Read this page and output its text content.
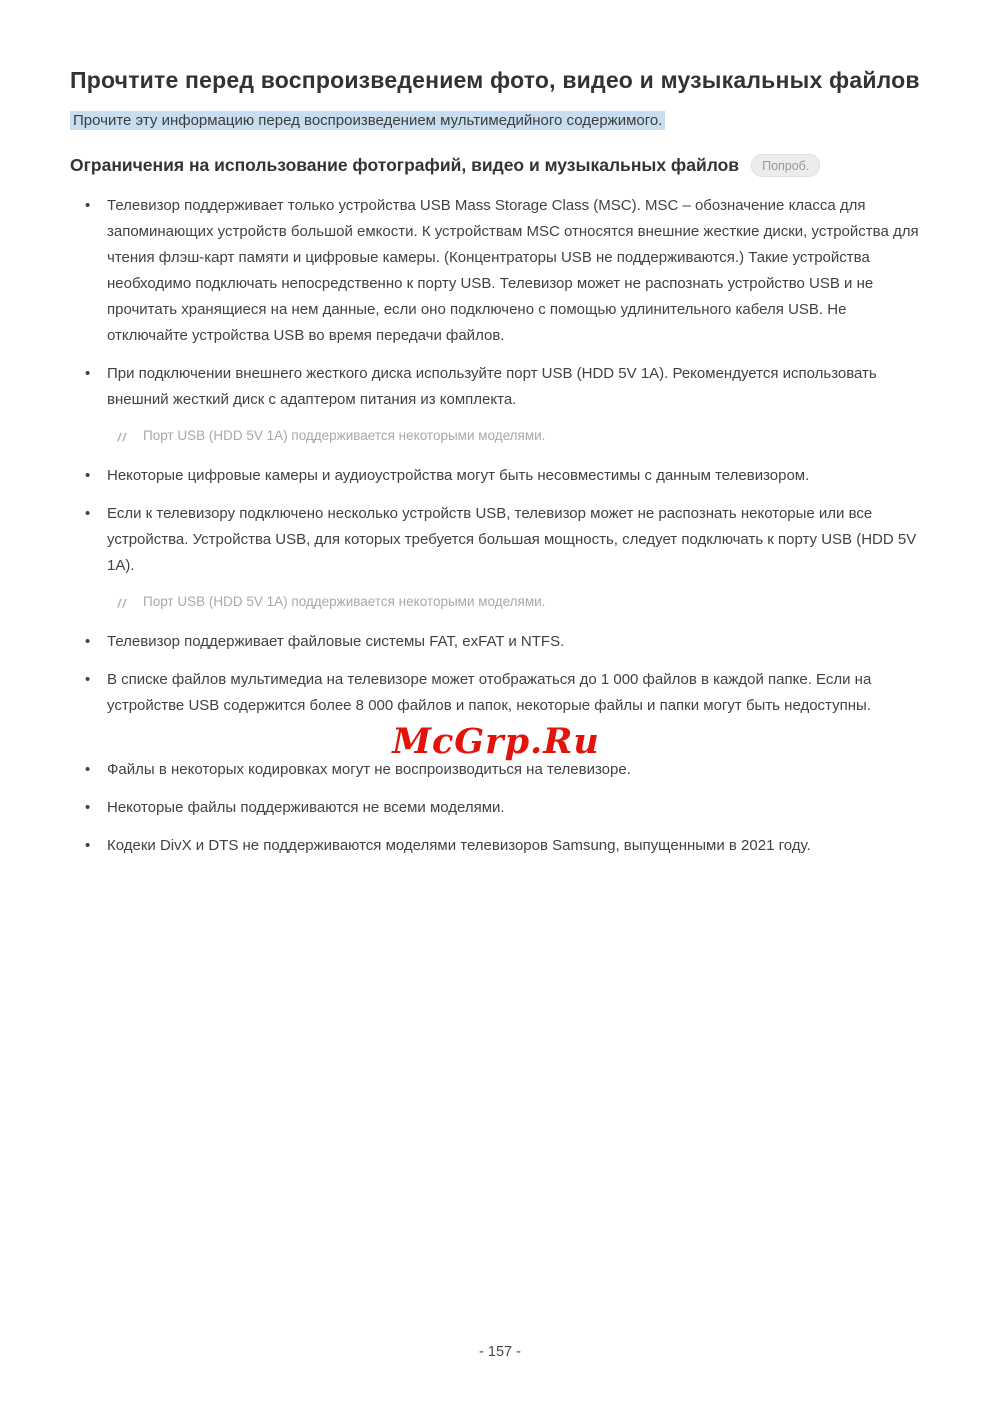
Прочтите перед воспроизведением фото, видео и музыкальных файлов

Прочите эту информацию перед воспроизведением мультимедийного содержимого.

Ограничения на использование фотографий, видео и музыкальных файлов	Попроб.

• Телевизор поддерживает только устройства USB Mass Storage Class (MSC). MSC – обозначение класса для запоминающих устройств большой емкости. К устройствам MSC относятся внешние жесткие диски, устройства для чтения флэш-карт памяти и цифровые камеры. (Концентраторы USB не поддерживаются.) Такие устройства необходимо подключать непосредственно к порту USB. Телевизор может не распознать устройство USB и не прочитать хранящиеся на нем данные, если оно подключено с помощью удлинительного кабеля USB. Не отключайте устройства USB во время передачи файлов.

• При подключении внешнего жесткого диска используйте порт USB (HDD 5V 1A). Рекомендуется использовать внешний жесткий диск с адаптером питания из комплекта.

Порт USB (HDD 5V 1A) поддерживается некоторыми моделями.

• Некоторые цифровые камеры и аудиоустройства могут быть несовместимы с данным телевизором.

• Если к телевизору подключено несколько устройств USB, телевизор может не распознать некоторые или все устройства. Устройства USB, для которых требуется большая мощность, следует подключать к порту USB (HDD 5V 1A).

Порт USB (HDD 5V 1A) поддерживается некоторыми моделями.

• Телевизор поддерживает файловые системы FAT, exFAT и NTFS.

• В списке файлов мультимедиа на телевизоре может отображаться до 1 000 файлов в каждой папке. Если на устройстве USB содержится более 8 000 файлов и папок, некоторые файлы и папки могут быть недоступны.

McGrp.Ru

• Файлы в некоторых кодировках могут не воспроизводиться на телевизоре.

• Некоторые файлы поддерживаются не всеми моделями.

• Кодеки DivX и DTS не поддерживаются моделями телевизоров Samsung, выпущенными в 2021 году.

- 157 -
